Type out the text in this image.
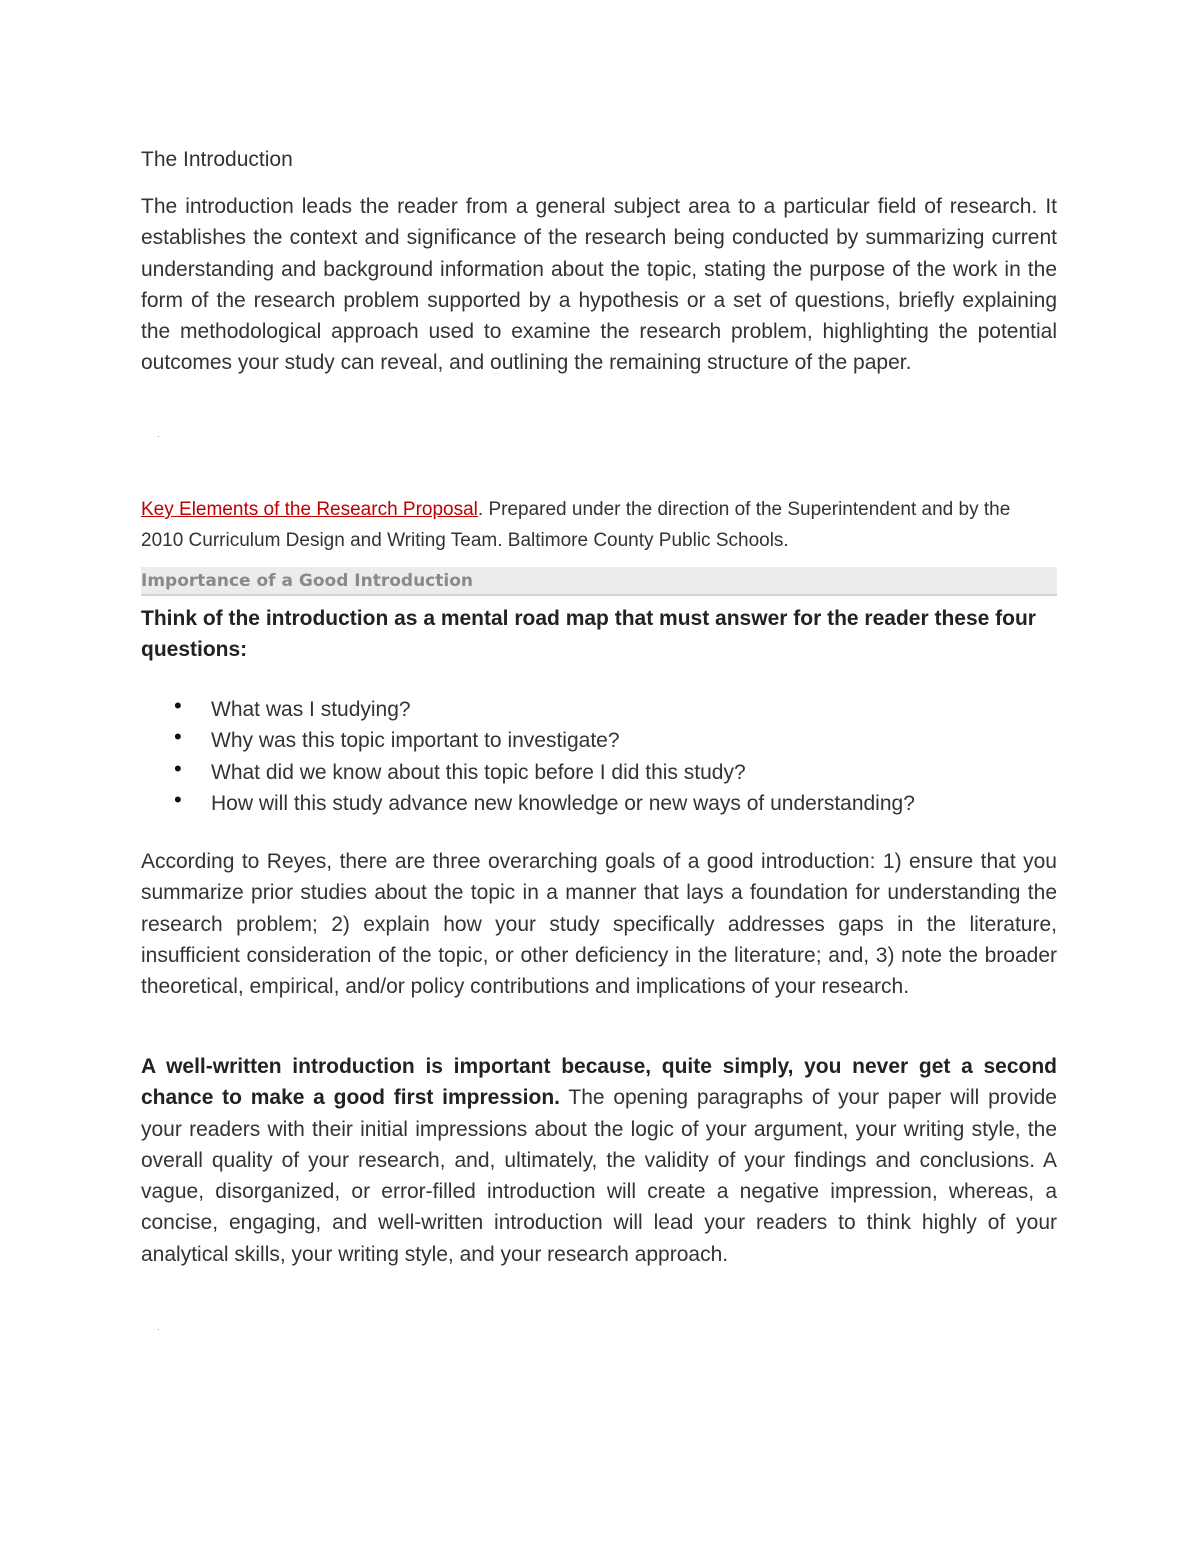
The Introduction

The introduction leads the reader from a general subject area to a particular field of research. It establishes the context and significance of the research being conducted by summarizing current understanding and background information about the topic, stating the purpose of the work in the form of the research problem supported by a hypothesis or a set of questions, briefly explaining the methodological approach used to examine the research problem, highlighting the potential outcomes your study can reveal, and outlining the remaining structure of the paper.

.

Key Elements of the Research Proposal. Prepared under the direction of the Superintendent and by the 2010 Curriculum Design and Writing Team. Baltimore County Public Schools.

Importance of a Good Introduction

Think of the introduction as a mental road map that must answer for the reader these four questions:

• What was I studying?
• Why was this topic important to investigate?
• What did we know about this topic before I did this study?
• How will this study advance new knowledge or new ways of understanding?

According to Reyes, there are three overarching goals of a good introduction: 1) ensure that you summarize prior studies about the topic in a manner that lays a foundation for understanding the research problem; 2) explain how your study specifically addresses gaps in the literature, insufficient consideration of the topic, or other deficiency in the literature; and, 3) note the broader theoretical, empirical, and/or policy contributions and implications of your research.

A well-written introduction is important because, quite simply, you never get a second chance to make a good first impression. The opening paragraphs of your paper will provide your readers with their initial impressions about the logic of your argument, your writing style, the overall quality of your research, and, ultimately, the validity of your findings and conclusions. A vague, disorganized, or error-filled introduction will create a negative impression, whereas, a concise, engaging, and well-written introduction will lead your readers to think highly of your analytical skills, your writing style, and your research approach.

.
